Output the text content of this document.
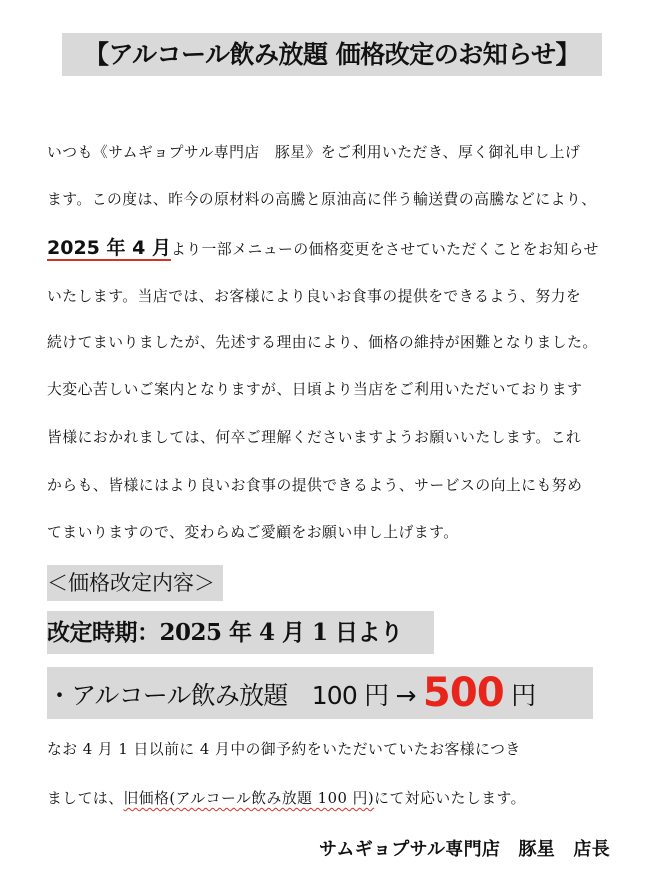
【アルコール飲み放題 価格改定のお知らせ】
いつも《サムギョプサル専門店　豚星》をご利用いただき、厚く御礼申し上げ
ます。この度は、昨今の原材料の高騰と原油高に伴う輸送費の高騰などにより、
2025 年 4 月より一部メニューの価格変更をさせていただくことをお知らせ
いたします。当店では、お客様により良いお食事の提供をできるよう、努力を
続けてまいりましたが、先述する理由により、価格の維持が困難となりました。
大変心苦しいご案内となりますが、日頃より当店をご利用いただいております
皆様におかれましては、何卒ご理解くださいますようお願いいたします。これ
からも、皆様にはより良いお食事の提供できるよう、サービスの向上にも努め
てまいりますので、変わらぬご愛顧をお願い申し上げます。
＜価格改定内容＞
改定時期：2025 年 4 月 1 日より
・アルコール飲み放題　100 円 → 500 円
なお 4 月 1 日以前に 4 月中の御予約をいただいていたお客様につき
ましては、旧価格(アルコール飲み放題 100 円)にて対応いたします。
サムギョプサル専門店　豚星　店長
